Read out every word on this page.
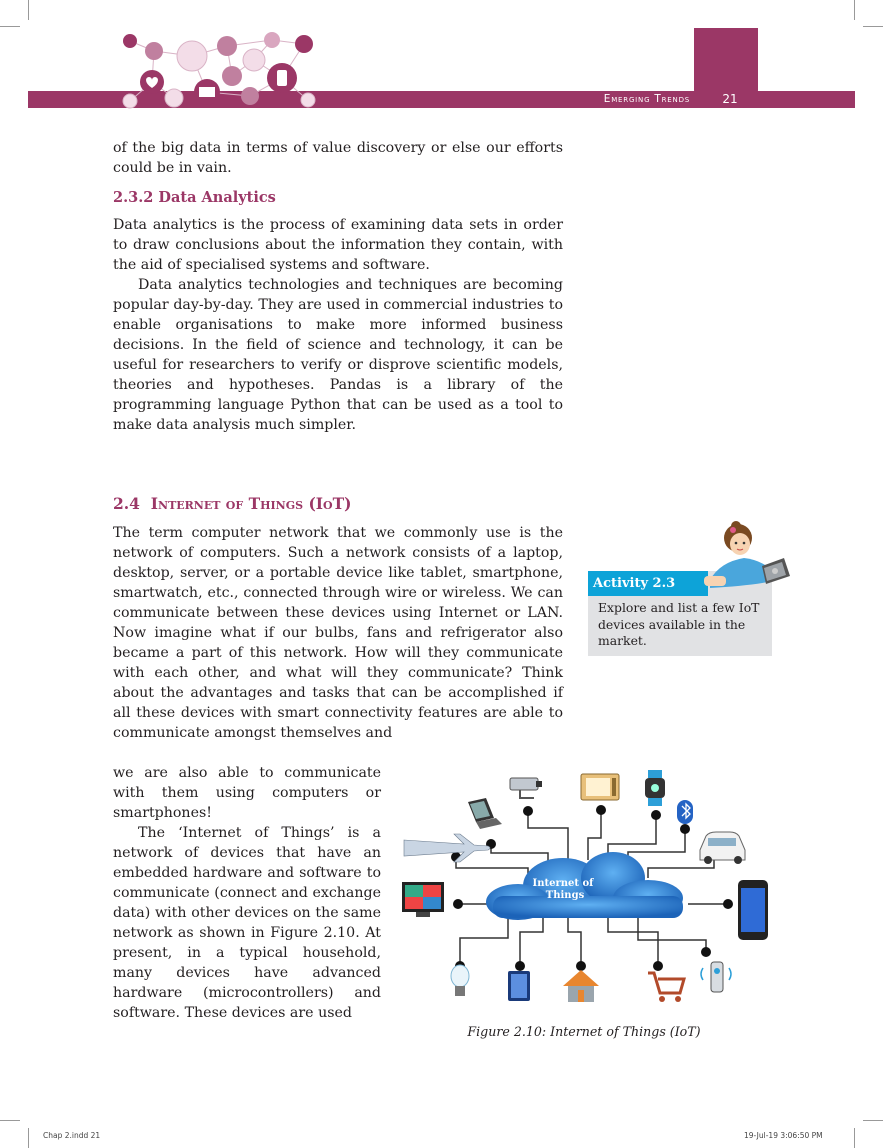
Emerging Trends	21

of the big data in terms of value discovery or else our efforts could be in vain.

2.3.2 Data Analytics

Data analytics is the process of examining data sets in order to draw conclusions about the information they contain, with the aid of specialised systems and software.

Data analytics technologies and techniques are becoming popular day-by-day. They are used in commercial industries to enable organisations to make more informed business decisions. In the field of science and technology, it can be useful for researchers to verify or disprove scientific models, theories and hypotheses. Pandas is a library of the programming language Python that can be used as a tool to make data analysis much simpler.

2.4 Internet of Things (IoT)

The term computer network that we commonly use is the network of computers. Such a network consists of a laptop, desktop, server, or a portable device like tablet, smartphone, smartwatch, etc., connected through wire or wireless. We can communicate between these devices using Internet or LAN. Now imagine what if our bulbs, fans and refrigerator also became a part of this network. How will they communicate with each other, and what will they communicate? Think about the advantages and tasks that can be accomplished if all these devices with smart connectivity features are able to communicate amongst themselves and

we are also able to communicate with them using computers or smartphones!

The ‘Internet of Things’ is a network of devices that have an embedded hardware and software to communicate (connect and exchange data) with other devices on the same network as shown in Figure 2.10. At present, in a typical household, many devices have advanced hardware (microcontrollers) and software. These devices are used

Activity 2.3
Explore and list a few IoT devices available in the market.
Internet of
Things
Figure 2.10: Internet of Things (IoT)
Chap 2.indd 21	19-Jul-19 3:06:50 PM
